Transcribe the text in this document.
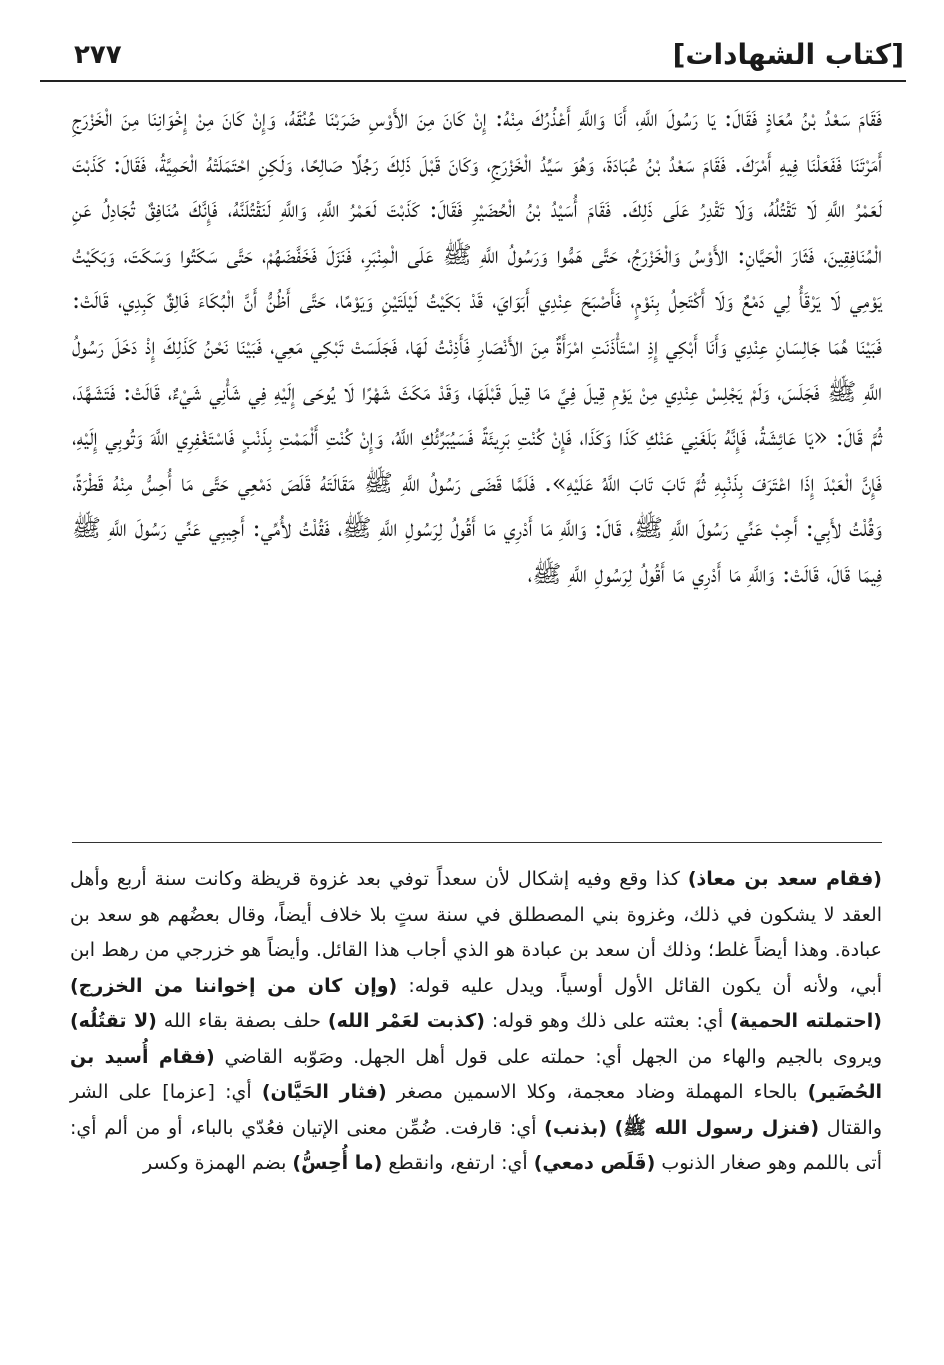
٢٧٧	[كتاب الشهادات]

فَقَامَ سَعْدُ بْنُ مُعَاذٍ فَقَالَ: يَا رَسُولَ اللَّهِ، أَنَا وَاللَّهِ أَعْذُرُكَ مِنْهُ: إِنْ كَانَ مِنَ الأَوْسِ ضَرَبْنَا عُنُقَهُ، وَإِنْ كَانَ مِنْ إِخْوَانِنَا مِنَ الْخَزْرَجِ أَمَرْتَنَا فَفَعَلْنَا فِيهِ أَمْرَكَ. فَقَامَ سَعْدُ بْنُ عُبَادَةَ، وَهُوَ سَيِّدُ الْخَزْرَجِ، وَكَانَ قَبْلَ ذَلِكَ رَجُلًا صَالِحًا، وَلَكِنِ احْتَمَلَتْهُ الْحَمِيَّةُ، فَقَالَ: كَذَبْتَ لَعَمْرُ اللَّهِ لَا تَقْتُلُهُ، وَلَا تَقْدِرُ عَلَى ذَلِكَ. فَقَامَ أُسَيْدُ بْنُ الْحُضَيْرِ فَقَالَ: كَذَبْتَ لَعَمْرُ اللَّهِ، وَاللَّهِ لَنَقْتُلَنَّهُ، فَإِنَّكَ مُنَافِقٌ تُجَادِلُ عَنِ الْمُنَافِقِينَ، فَثَارَ الْحَيَّانِ: الأَوْسُ وَالْخَزْرَجُ، حَتَّى هَمُّوا وَرَسُولُ اللَّهِ ﷺ عَلَى الْمِنْبَرِ، فَنَزَلَ فَخَفَّضَهُمْ، حَتَّى سَكَتُوا وَسَكَتَ، وَبَكَيْتُ يَوْمِي لَا يَرْقَأُ لِي دَمْعٌ وَلَا أَكْتَحِلُ بِنَوْمٍ، فَأَصْبَحَ عِنْدِي أَبَوَايَ، قَدْ بَكَيْتُ لَيْلَتَيْنِ وَيَوْمًا، حَتَّى أَظُنُّ أَنَّ الْبُكَاءَ فَالِقٌ كَبِدِي، قَالَتْ: فَبَيْنَا هُمَا جَالِسَانِ عِنْدِي وَأَنَا أَبْكِي إِذِ اسْتَأْذَنَتِ امْرَأَةٌ مِنَ الأَنْصَارِ فَأَذِنْتُ لَهَا، فَجَلَسَتْ تَبْكِي مَعِي، فَبَيْنَا نَحْنُ كَذَلِكَ إِذْ دَخَلَ رَسُولُ اللَّهِ ﷺ فَجَلَسَ، وَلَمْ يَجْلِسْ عِنْدِي مِنْ يَوْمِ قِيلَ فِيَّ مَا قِيلَ قَبْلَهَا، وَقَدْ مَكَثَ شَهْرًا لَا يُوحَى إِلَيْهِ فِي شَأْنِي شَيْءٌ، قَالَتْ: فَتَشَهَّدَ، ثُمَّ قَالَ: «يَا عَائِشَةُ، فَإِنَّهُ بَلَغَنِي عَنْكِ كَذَا وَكَذَا، فَإِنْ كُنْتِ بَرِيئَةً فَسَيُبَرِّئُكِ اللَّهُ، وَإِنْ كُنْتِ أَلْمَمْتِ بِذَنْبٍ فَاسْتَغْفِرِي اللَّهَ وَتُوبِي إِلَيْهِ، فَإِنَّ الْعَبْدَ إِذَا اعْتَرَفَ بِذَنْبِهِ ثُمَّ تَابَ تَابَ اللَّهُ عَلَيْهِ». فَلَمَّا قَضَى رَسُولُ اللَّهِ ﷺ مَقَالَتَهُ قَلَصَ دَمْعِي حَتَّى مَا أُحِسُّ مِنْهُ قَطْرَةً، وَقُلْتُ لأَبِي: أَجِبْ عَنِّي رَسُولَ اللَّهِ ﷺ، قَالَ: وَاللَّهِ مَا أَدْرِي مَا أَقُولُ لِرَسُولِ اللَّهِ ﷺ، فَقُلْتُ لأُمِّي: أَجِيبِي عَنِّي رَسُولَ اللَّهِ ﷺ فِيمَا قَالَ، قَالَتْ: وَاللَّهِ مَا أَدْرِي مَا أَقُولُ لِرَسُولِ اللَّهِ ﷺ،

(فقام سعد بن معاذ) كذا وقع وفيه إشكال لأن سعداً توفي بعد غزوة قريظة وكانت سنة أربع وأهل العقد لا يشكون في ذلك، وغزوة بني المصطلق في سنة ستٍ بلا خلاف أيضاً، وقال بعضُهم هو سعد بن عبادة. وهذا أيضاً غلط؛ وذلك أن سعد بن عبادة هو الذي أجاب هذا القائل. وأيضاً هو خزرجي من رهط ابن أبي، ولأنه أن يكون القائل الأول أوسياً. ويدل عليه قوله: (وإن كان من إخواننا من الخزرج) (احتملته الحمية) أي: بعثته على ذلك وهو قوله: (كذبت لعَمْر الله) حلف بصفة بقاء الله (لا تقتُلُه) ويروى بالجيم والهاء من الجهل أي: حملته على قول أهل الجهل. وصَوّبه القاضي (فقام أُسيد بن الحُضَير) بالحاء المهملة وضاد معجمة، وكلا الاسمين مصغر (فثار الحَيَّان) أي: [عزما] على الشر والقتال (فنزل رسول الله ﷺ) (بذنب) أي: قارفت. ضُمِّن معنى الإتيان فعُدّي بالباء، أو من ألم أي: أتى باللمم وهو صغار الذنوب (قَلَص دمعي) أي: ارتفع، وانقطع (ما أُحِسُّ) بضم الهمزة وكسر
